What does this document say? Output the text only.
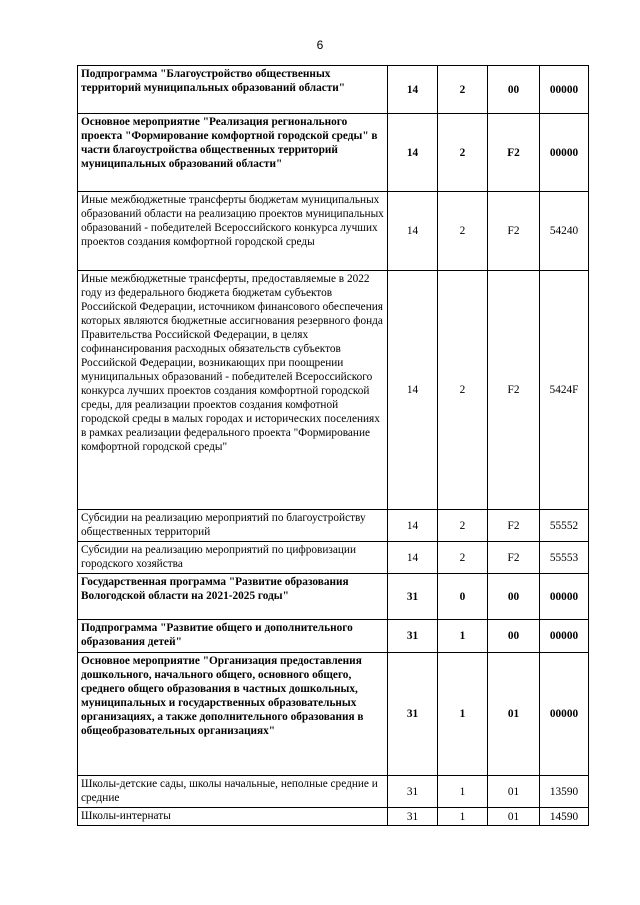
6
Подпрограмма "Благоустройство общественных территорий муниципальных образований области"	14	2	00	00000
Основное мероприятие "Реализация регионального проекта "Формирование комфортной городской среды" в части благоустройства общественных территорий муниципальных образований области"	14	2	F2	00000
Иные межбюджетные трансферты бюджетам муниципальных образований области на реализацию проектов муниципальных образований - победителей Всероссийского конкурса лучших проектов создания комфортной городской среды	14	2	F2	54240
Иные межбюджетные трансферты, предоставляемые в 2022 году из федерального бюджета бюджетам субъектов Российской Федерации, источником финансового обеспечения которых являются бюджетные ассигнования резервного фонда Правительства Российской Федерации, в целях софинансирования расходных обязательств субъектов Российской Федерации, возникающих при поощрении муниципальных образований - победителей Всероссийского конкурса лучших проектов создания комфортной городской среды, для реализации проектов создания комфотной городской среды в малых городах и исторических поселениях в рамках реализации федерального проекта "Формирование комфортной городской среды"	14	2	F2	5424F
Субсидии на реализацию мероприятий по благоустройству общественных территорий	14	2	F2	55552
Субсидии на реализацию мероприятий по цифровизации городского хозяйства	14	2	F2	55553
Государственная программа "Развитие образования Вологодской области на 2021-2025 годы"	31	0	00	00000
Подпрограмма "Развитие общего и дополнительного образования детей"	31	1	00	00000
Основное мероприятие "Организация предоставления дошкольного, начального общего, основного общего, среднего общего образования в частных дошкольных, муниципальных и государственных образовательных организациях, а также дополнительного образования в общеобразовательных организациях"	31	1	01	00000
Школы-детские сады, школы начальные, неполные средние и средние	31	1	01	13590
Школы-интернаты	31	1	01	14590
